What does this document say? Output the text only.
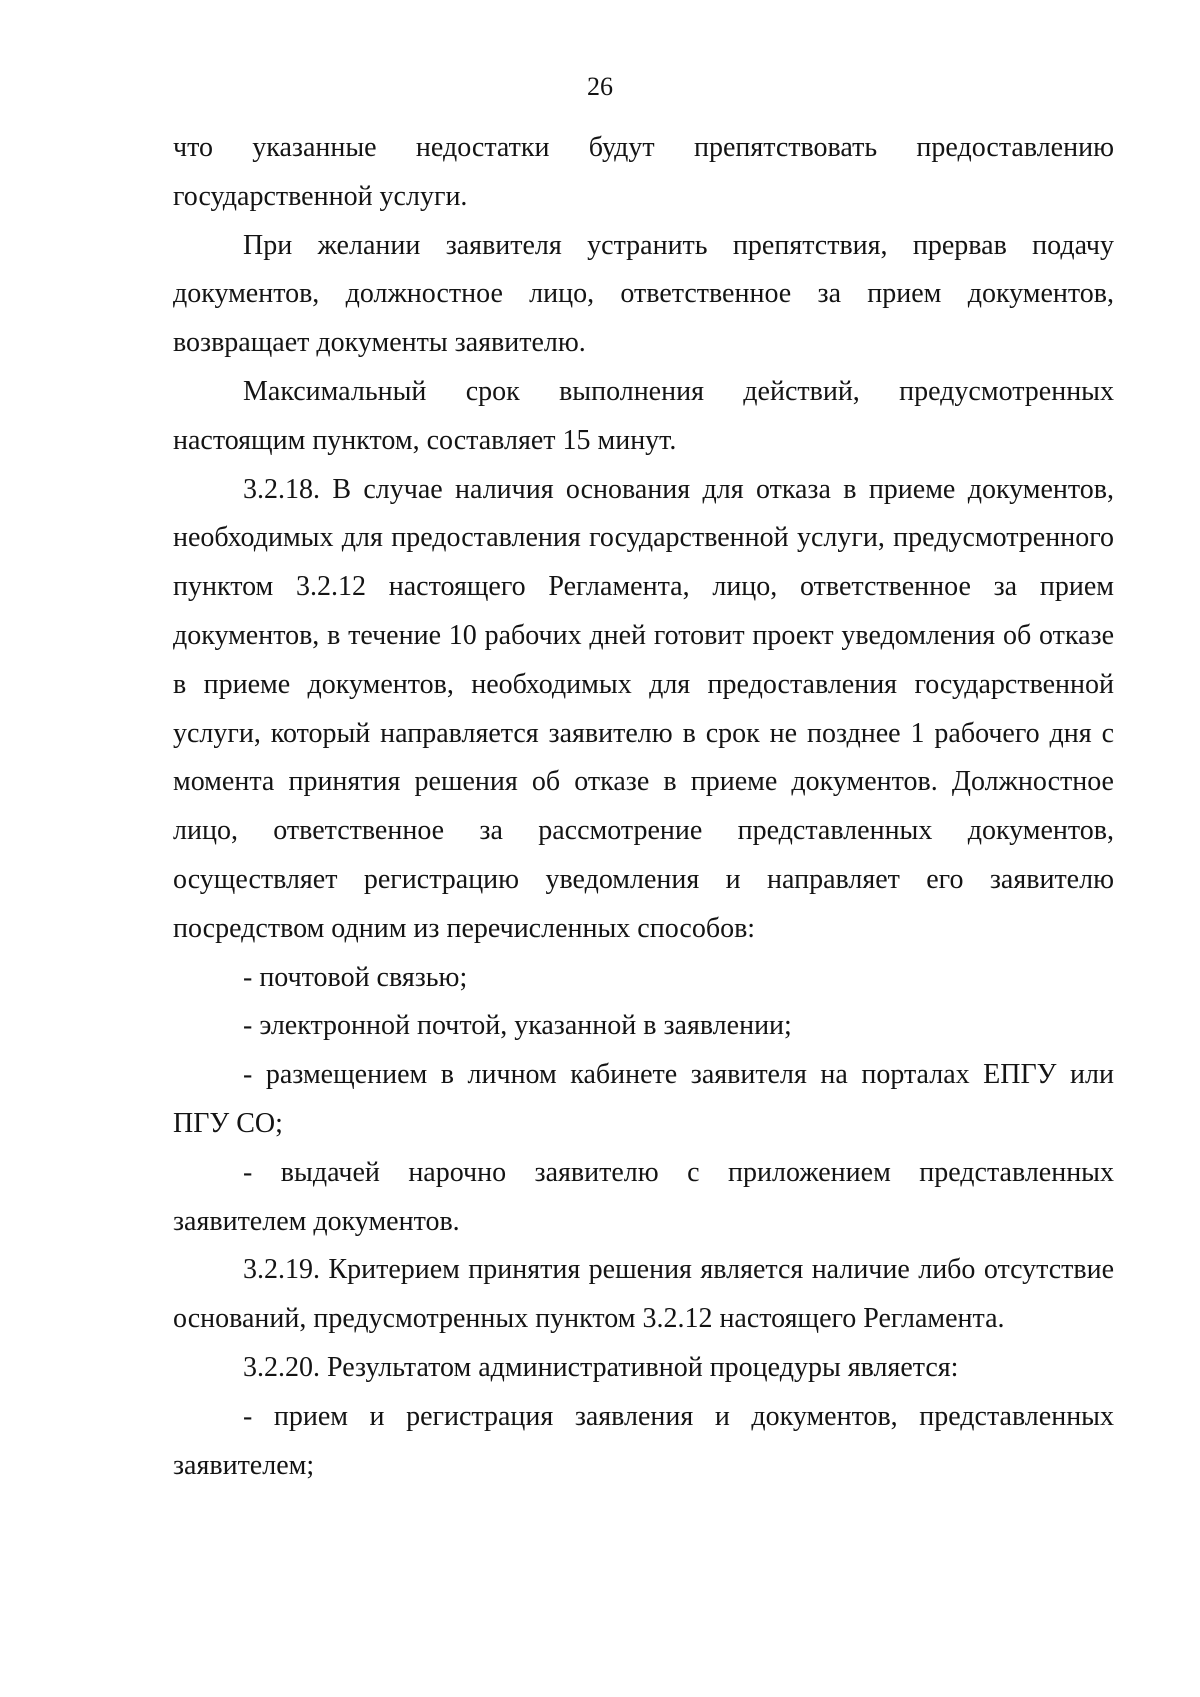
26

что указанные недостатки будут препятствовать предоставлению государственной услуги.

При желании заявителя устранить препятствия, прервав подачу документов, должностное лицо, ответственное за прием документов, возвращает документы заявителю.

Максимальный срок выполнения действий, предусмотренных настоящим пунктом, составляет 15 минут.

3.2.18. В случае наличия основания для отказа в приеме документов, необходимых для предоставления государственной услуги, предусмотренного пунктом 3.2.12 настоящего Регламента, лицо, ответственное за прием документов, в течение 10 рабочих дней готовит проект уведомления об отказе в приеме документов, необходимых для предоставления государственной услуги, который направляется заявителю в срок не позднее 1 рабочего дня с момента принятия решения об отказе в приеме документов. Должностное лицо, ответственное за рассмотрение представленных документов, осуществляет регистрацию уведомления и направляет его заявителю посредством одним из перечисленных способов:

- почтовой связью;

- электронной почтой, указанной в заявлении;

- размещением в личном кабинете заявителя на порталах ЕПГУ или ПГУ СО;

- выдачей нарочно заявителю с приложением представленных заявителем документов.

3.2.19. Критерием принятия решения является наличие либо отсутствие оснований, предусмотренных пунктом 3.2.12 настоящего Регламента.

3.2.20. Результатом административной процедуры является:

- прием и регистрация заявления и документов, представленных заявителем;
